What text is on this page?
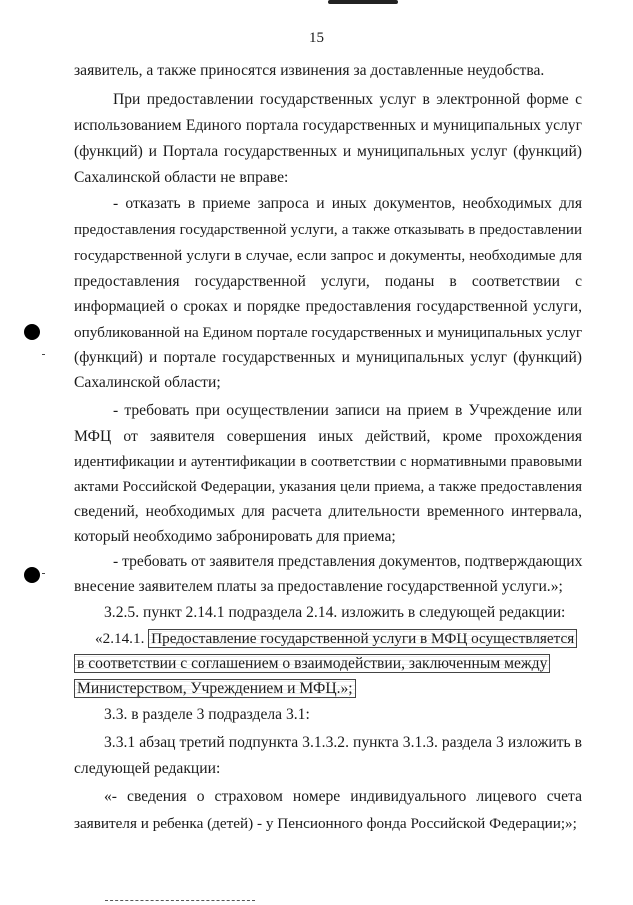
15
заявитель, а также приносятся извинения за доставленные неудобства.
При предоставлении государственных услуг в электронной форме с
использованием Единого портала государственных и муниципальных услуг
(функций) и Портала государственных и муниципальных услуг (функций)
Сахалинской области не вправе:
- отказать в приеме запроса и иных документов, необходимых для
предоставления государственной услуги, а также отказывать в предоставлении
государственной услуги в случае, если запрос и документы, необходимые для
предоставления государственной услуги, поданы в соответствии с
информацией о сроках и порядке предоставления государственной услуги,
опубликованной на Едином портале государственных и муниципальных услуг
(функций) и портале государственных и муниципальных услуг (функций)
Сахалинской области;
- требовать при осуществлении записи на прием в Учреждение или
МФЦ от заявителя совершения иных действий, кроме прохождения
идентификации и аутентификации в соответствии с нормативными правовыми
актами Российской Федерации, указания цели приема, а также предоставления
сведений, необходимых для расчета длительности временного интервала,
который необходимо забронировать для приема;
- требовать от заявителя представления документов, подтверждающих
внесение заявителем платы за предоставление государственной услуги.»;
3.2.5. пункт 2.14.1 подраздела 2.14. изложить в следующей редакции:
«2.14.1. Предоставление государственной услуги в МФЦ осуществляется
в соответствии с соглашением о взаимодействии, заключенным между
Министерством, Учреждением и МФЦ.»;
3.3. в разделе 3 подраздела 3.1:
3.3.1 абзац третий подпункта 3.1.3.2. пункта 3.1.3. раздела 3 изложить в
следующей редакции:
«- сведения о страховом номере индивидуального лицевого счета
заявителя и ребенка (детей) - у Пенсионного фонда Российской Федерации;»;
